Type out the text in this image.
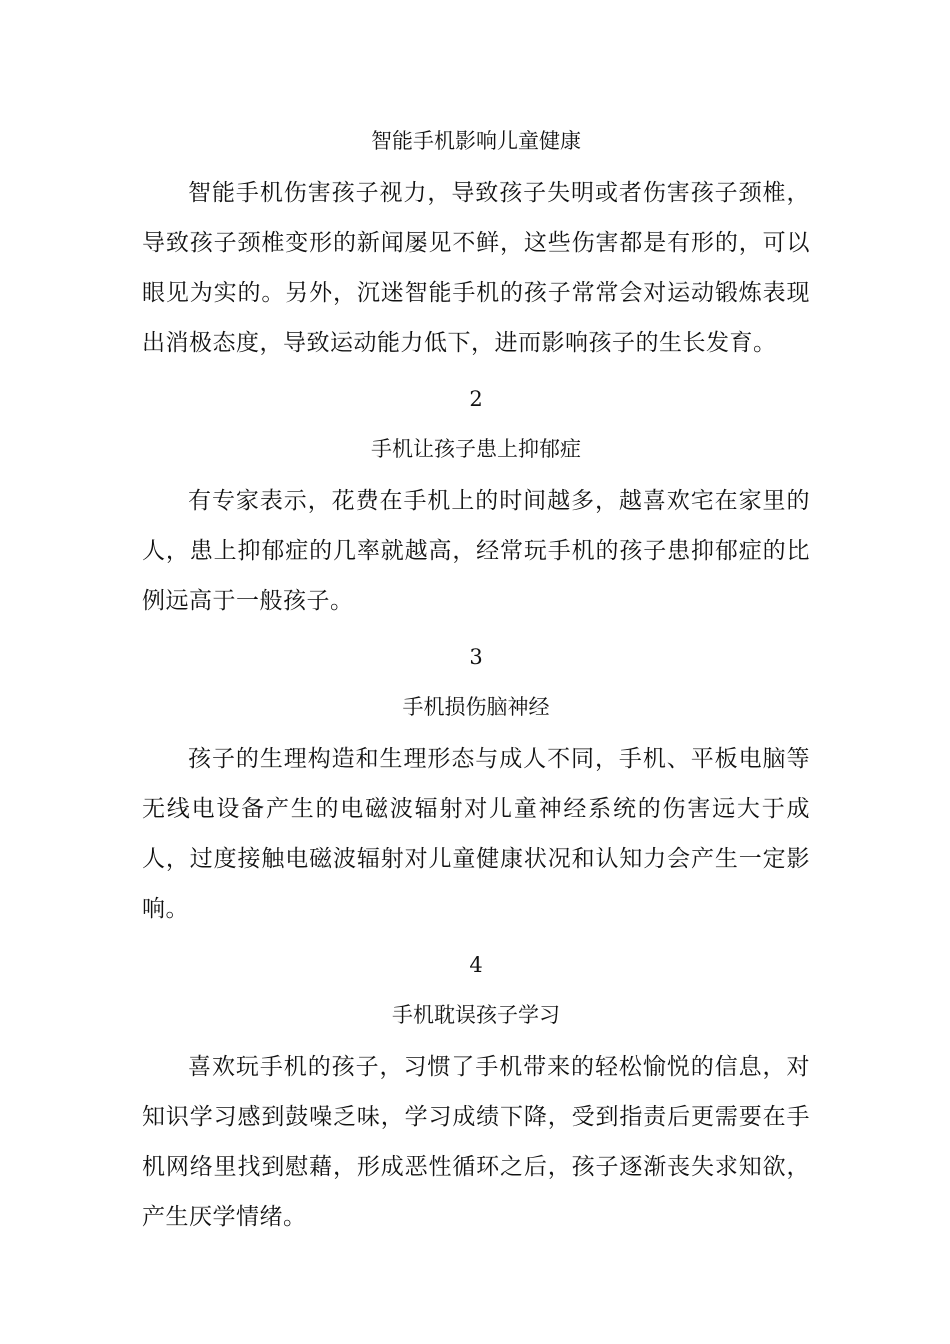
智能手机影响儿童健康

智能手机伤害孩子视力，导致孩子失明或者伤害孩子颈椎，导致孩子颈椎变形的新闻屡见不鲜，这些伤害都是有形的，可以眼见为实的。另外，沉迷智能手机的孩子常常会对运动锻炼表现出消极态度，导致运动能力低下，进而影响孩子的生长发育。

2

手机让孩子患上抑郁症

有专家表示，花费在手机上的时间越多，越喜欢宅在家里的人，患上抑郁症的几率就越高，经常玩手机的孩子患抑郁症的比例远高于一般孩子。

3

手机损伤脑神经

孩子的生理构造和生理形态与成人不同，手机、平板电脑等无线电设备产生的电磁波辐射对儿童神经系统的伤害远大于成人，过度接触电磁波辐射对儿童健康状况和认知力会产生一定影响。

4

手机耽误孩子学习

喜欢玩手机的孩子，习惯了手机带来的轻松愉悦的信息，对知识学习感到鼓噪乏味，学习成绩下降，受到指责后更需要在手机网络里找到慰藉，形成恶性循环之后，孩子逐渐丧失求知欲，产生厌学情绪。
